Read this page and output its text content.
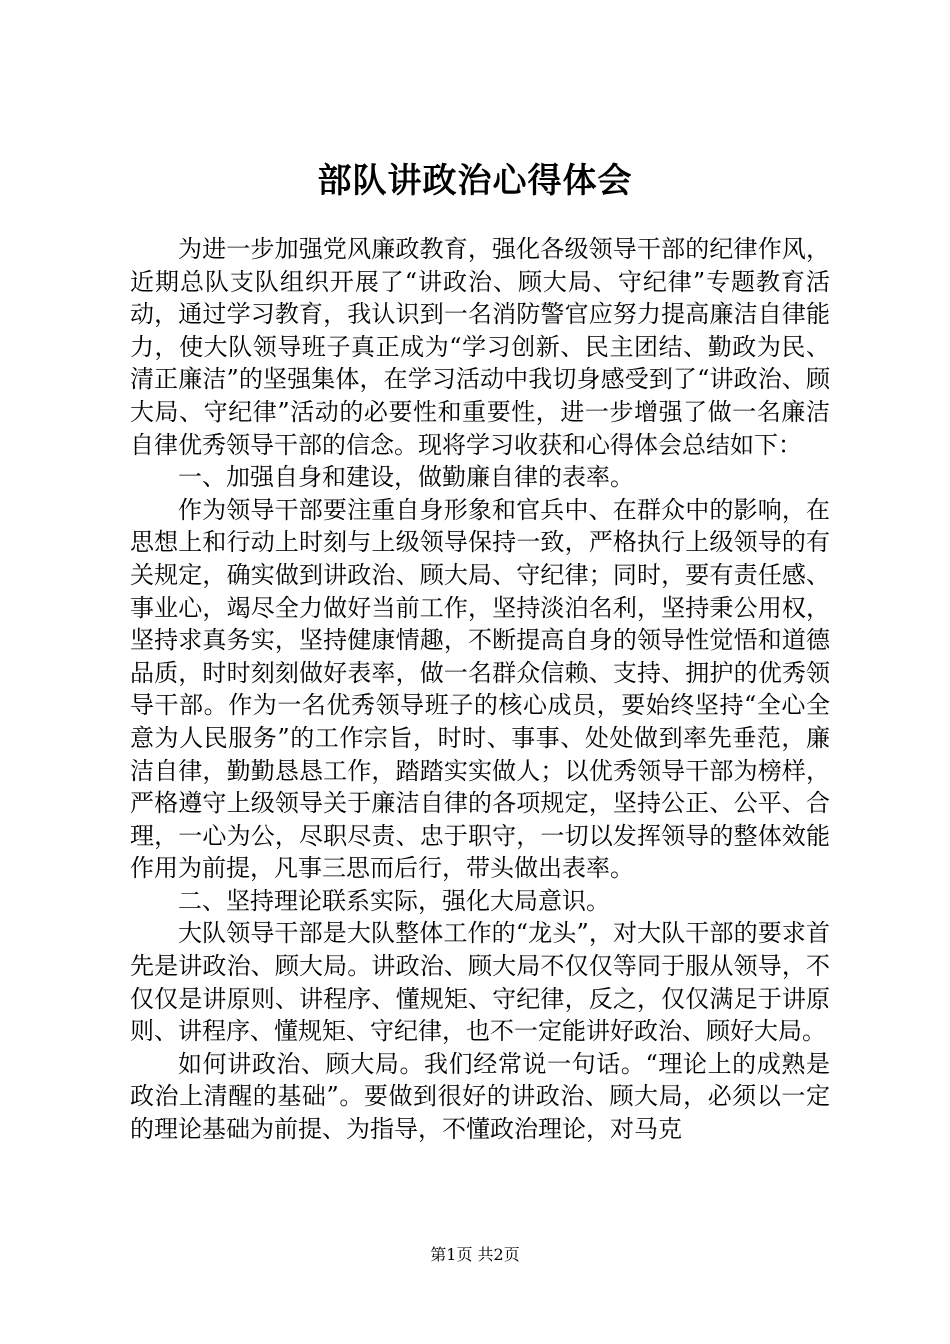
部队讲政治心得体会

为进一步加强党风廉政教育，强化各级领导干部的纪律作风，近期总队支队组织开展了“讲政治、顾大局、守纪律”专题教育活动，通过学习教育，我认识到一名消防警官应努力提高廉洁自律能力，使大队领导班子真正成为“学习创新、民主团结、勤政为民、清正廉洁”的坚强集体，在学习活动中我切身感受到了“讲政治、顾大局、守纪律”活动的必要性和重要性，进一步增强了做一名廉洁自律优秀领导干部的信念。现将学习收获和心得体会总结如下：

一、加强自身和建设，做勤廉自律的表率。

作为领导干部要注重自身形象和官兵中、在群众中的影响，在思想上和行动上时刻与上级领导保持一致，严格执行上级领导的有关规定，确实做到讲政治、顾大局、守纪律；同时，要有责任感、事业心，竭尽全力做好当前工作，坚持淡泊名利，坚持秉公用权，坚持求真务实，坚持健康情趣，不断提高自身的领导性觉悟和道德品质，时时刻刻做好表率，做一名群众信赖、支持、拥护的优秀领导干部。作为一名优秀领导班子的核心成员，要始终坚持“全心全意为人民服务”的工作宗旨，时时、事事、处处做到率先垂范，廉洁自律，勤勤恳恳工作，踏踏实实做人；以优秀领导干部为榜样，严格遵守上级领导关于廉洁自律的各项规定，坚持公正、公平、合理，一心为公，尽职尽责、忠于职守，一切以发挥领导的整体效能作用为前提，凡事三思而后行，带头做出表率。

二、坚持理论联系实际，强化大局意识。

大队领导干部是大队整体工作的“龙头”，对大队干部的要求首先是讲政治、顾大局。讲政治、顾大局不仅仅等同于服从领导，不仅仅是讲原则、讲程序、懂规矩、守纪律，反之，仅仅满足于讲原则、讲程序、懂规矩、守纪律，也不一定能讲好政治、顾好大局。

如何讲政治、顾大局。我们经常说一句话。“理论上的成熟是政治上清醒的基础”。要做到很好的讲政治、顾大局，必须以一定的理论基础为前提、为指导，不懂政治理论，对马克

第1页 共2页
